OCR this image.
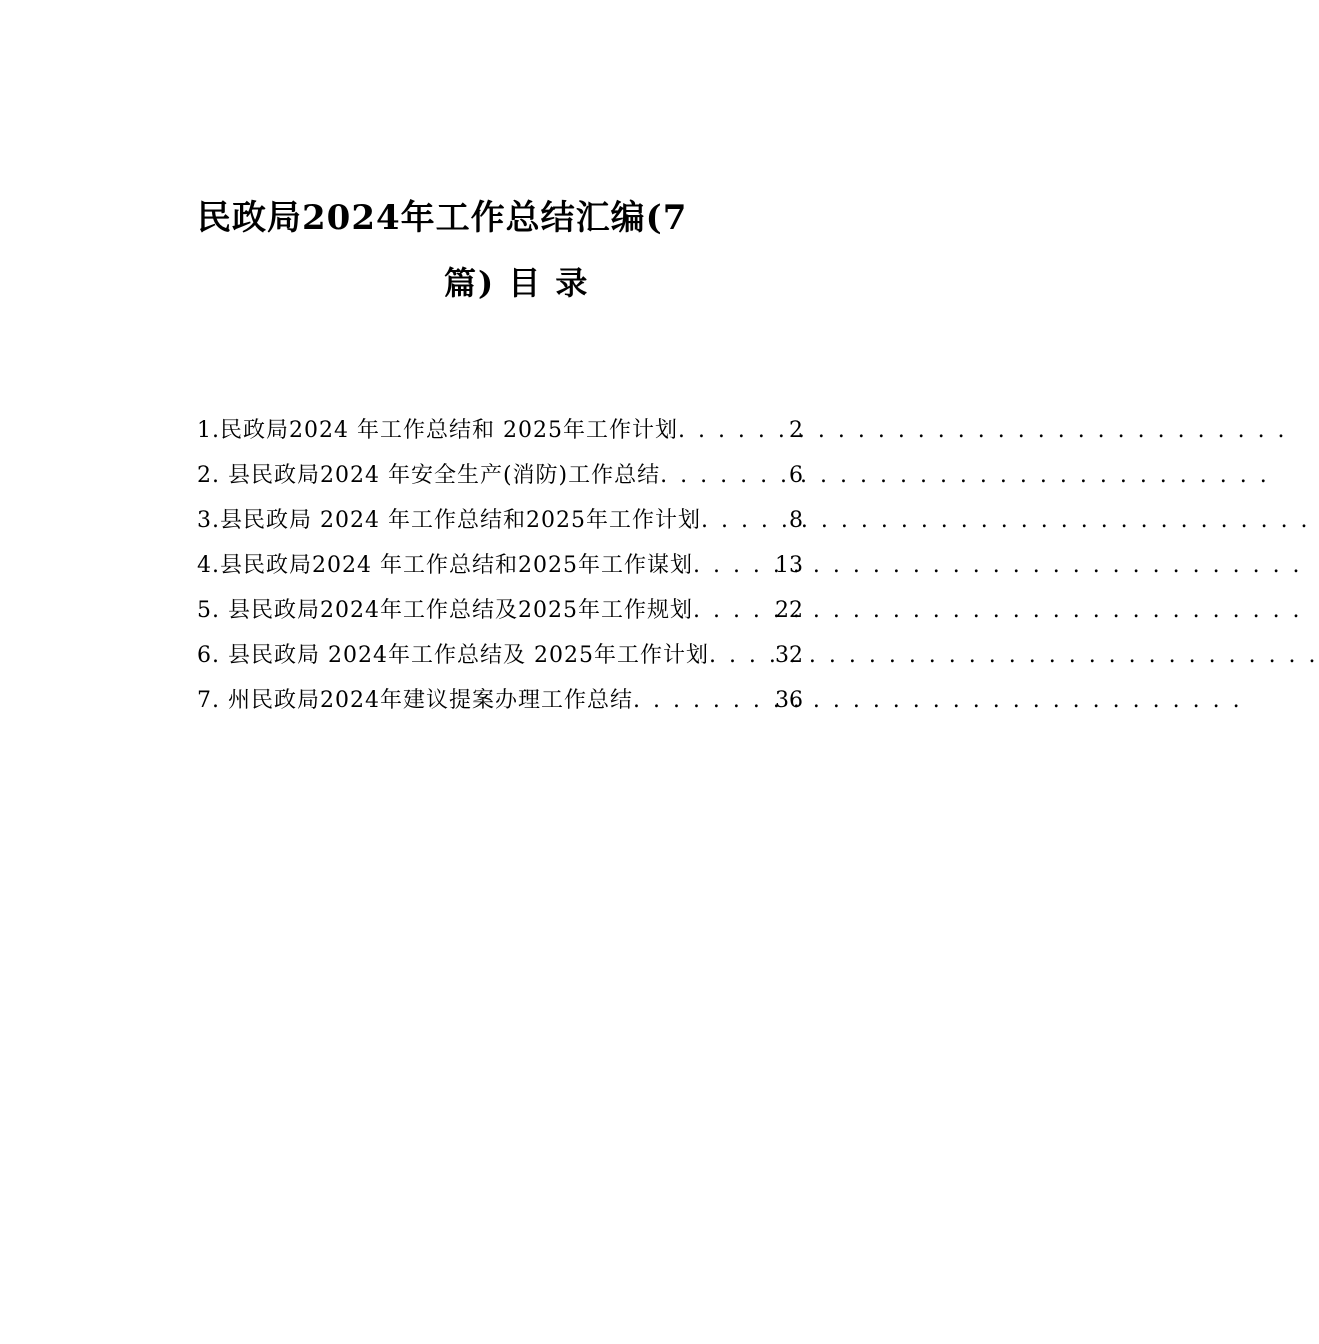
民政局2024年工作总结汇编(7
篇) 目 录
1.民政局2024 年工作总结和 2025年工作计划 . . .	2
2. 县民政局2024 年安全生产(消防)工作总结 . . .	6
3.县民政局 2024 年工作总结和2025年工作计划 . . .	8
4.县民政局2024 年工作总结和2025年工作谋划 . . .	13
5. 县民政局2024年工作总结及2025年工作规划 . . .	22
6. 县民政局 2024年工作总结及 2025年工作计划 . . .	32
7. 州民政局2024年建议提案办理工作总结 . . .	36
